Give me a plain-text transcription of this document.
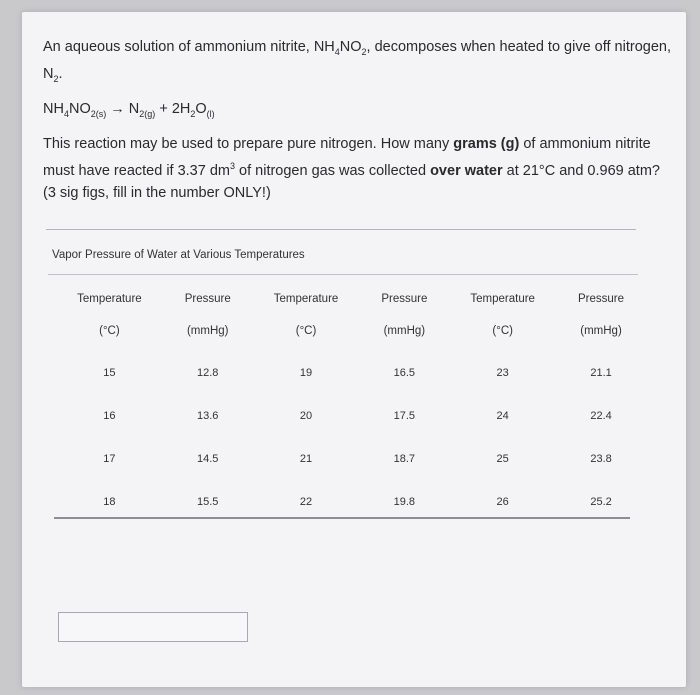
An aqueous solution of ammonium nitrite, $NH_4NO_2$, decomposes when heated to give off nitrogen, $N_2$.

$NH_4NO_{2(s)} \to N_{2(g)} + 2H_2O_{(l)}$

This reaction may be used to prepare pure nitrogen. How many grams (g) of ammonium nitrite must have reacted if 3.37 $dm^3$ of nitrogen gas was collected over water at 21°C and 0.969 atm? (3 sig figs, fill in the number ONLY!)

Vapor Pressure of Water at Various Temperatures
Temperature	Pressure	Temperature	Pressure	Temperature	Pressure
(°C)	(mmHg)	(°C)	(mmHg)	(°C)	(mmHg)
15	12.8	19	16.5	23	21.1
16	13.6	20	17.5	24	22.4
17	14.5	21	18.7	25	23.8
18	15.5	22	19.8	26	25.2
